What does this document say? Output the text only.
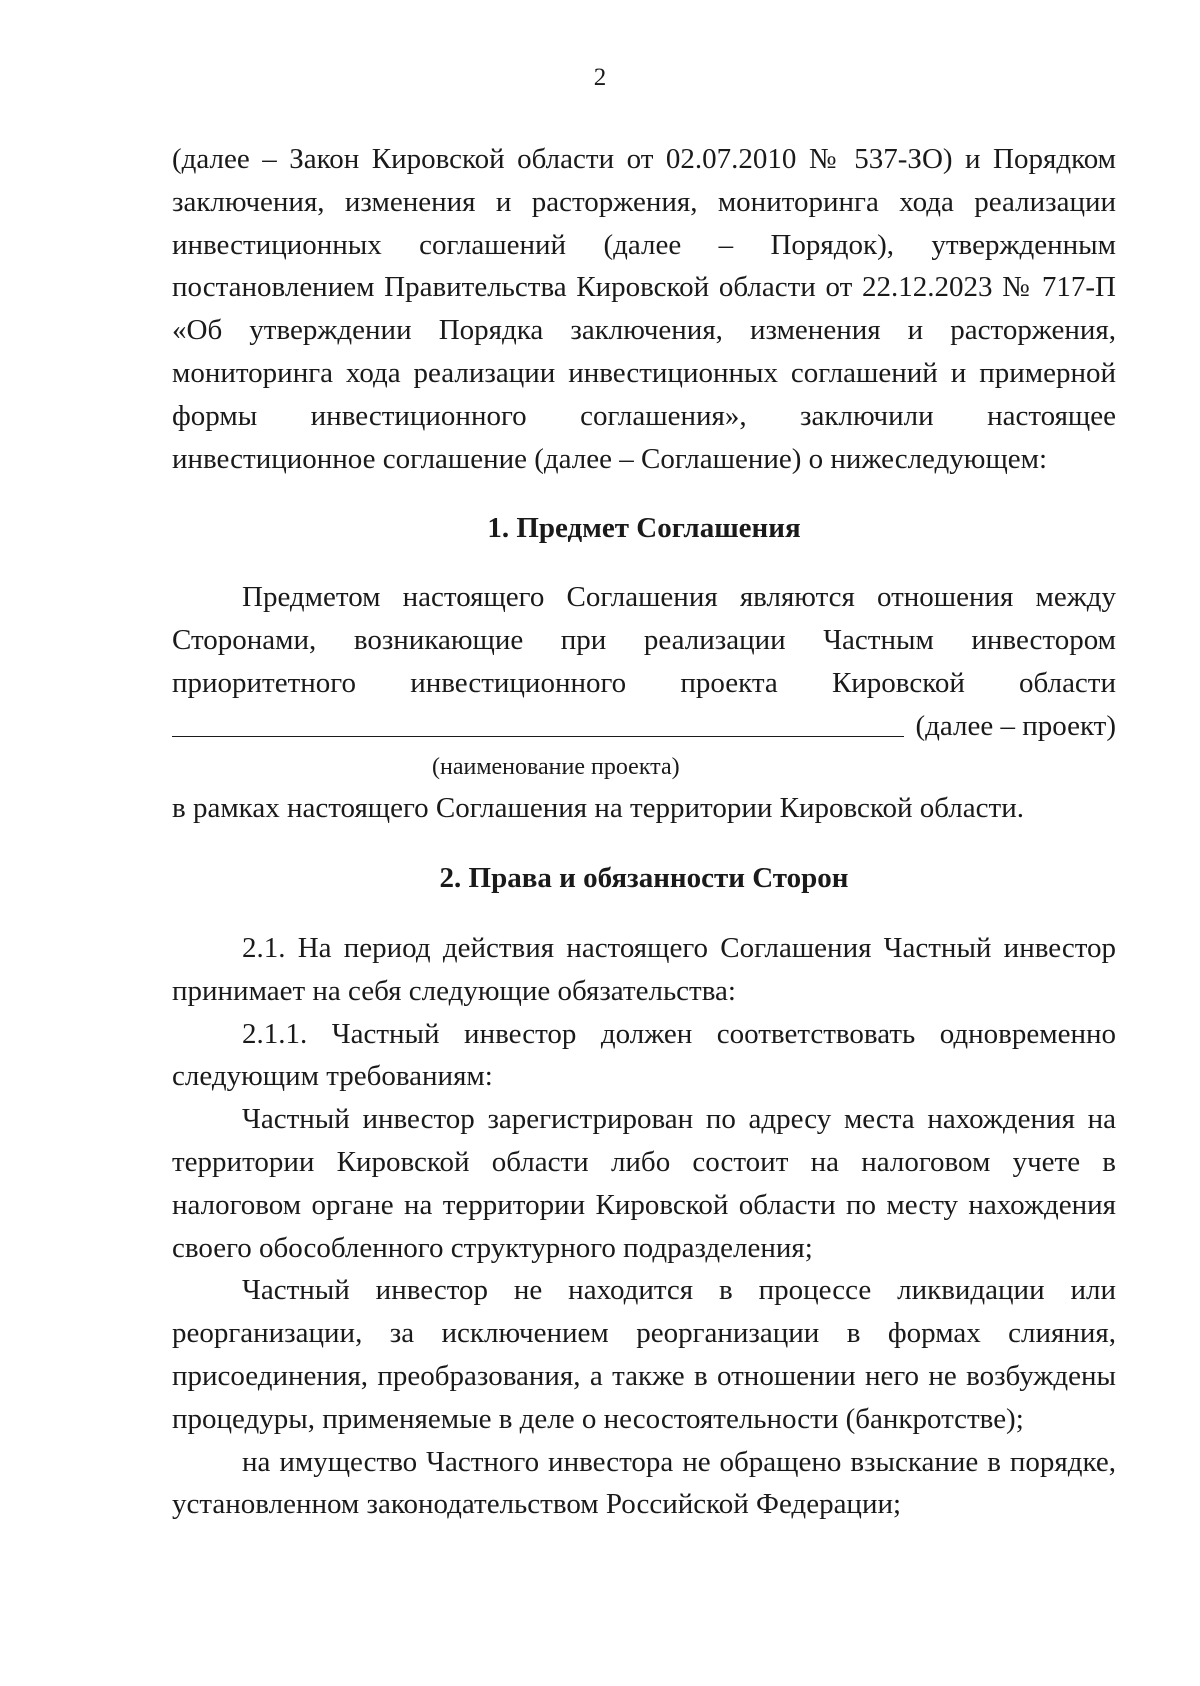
2

(далее – Закон Кировской области от 02.07.2010 № 537-ЗО) и Порядком заключения, изменения и расторжения, мониторинга хода реализации инвестиционных соглашений (далее – Порядок), утвержденным постановлением Правительства Кировской области от 22.12.2023 № 717-П «Об утверждении Порядка заключения, изменения и расторжения, мониторинга хода реализации инвестиционных соглашений и примерной формы инвестиционного соглашения», заключили настоящее инвестиционное соглашение (далее – Соглашение) о нижеследующем:

1. Предмет Соглашения

Предметом настоящего Соглашения являются отношения между Сторонами, возникающие при реализации Частным инвестором приоритетного инвестиционного проекта Кировской области

(далее – проект)
(наименование проекта)

в рамках настоящего Соглашения на территории Кировской области.

2. Права и обязанности Сторон

2.1. На период действия настоящего Соглашения Частный инвестор принимает на себя следующие обязательства:

2.1.1. Частный инвестор должен соответствовать одновременно следующим требованиям:

Частный инвестор зарегистрирован по адресу места нахождения на территории Кировской области либо состоит на налоговом учете в налоговом органе на территории Кировской области по месту нахождения своего обособленного структурного подразделения;

Частный инвестор не находится в процессе ликвидации или реорганизации, за исключением реорганизации в формах слияния, присоединения, преобразования, а также в отношении него не возбуждены процедуры, применяемые в деле о несостоятельности (банкротстве);

на имущество Частного инвестора не обращено взыскание в порядке, установленном законодательством Российской Федерации;
